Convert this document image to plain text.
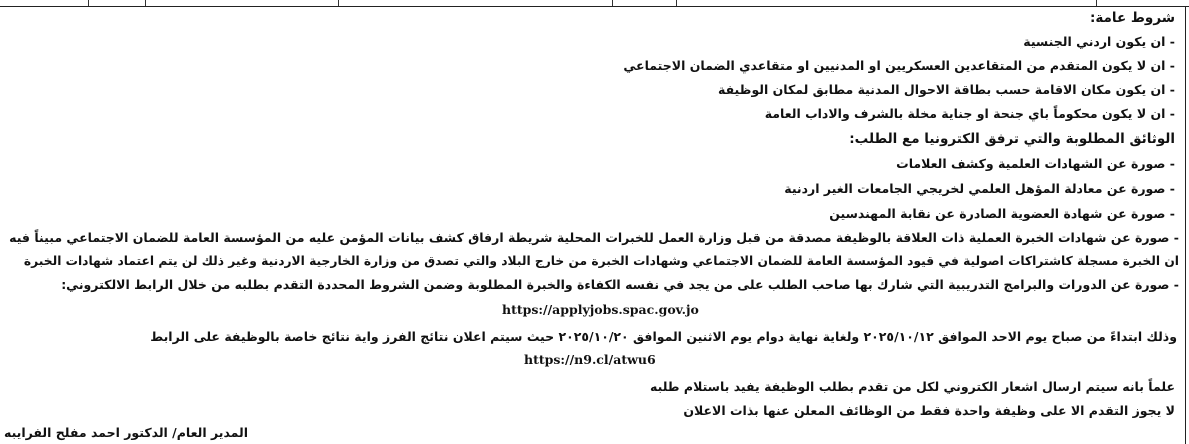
شروط عامة:
- ان يكون اردني الجنسية
- ان لا يكون المتقدم من المتقاعدين العسكريين او المدنيين او متقاعدي الضمان الاجتماعي
- ان يكون مكان الاقامة حسب بطاقة الاحوال المدنية مطابق لمكان الوظيفة
- ان لا يكون محكوماً باي جنحة او جناية مخلة بالشرف والاداب العامة
الوثائق المطلوبة والتي ترفق الكترونيا مع الطلب:
- صورة عن الشهادات العلمية وكشف العلامات
- صورة عن معادلة المؤهل العلمي لخريجي الجامعات الغير اردنية
- صورة عن شهادة العضوية الصادرة عن نقابة المهندسين
- صورة عن شهادات الخبرة العملية ذات العلاقة بالوظيفة مصدقة من قبل وزارة العمل للخبرات المحلية شريطة ارفاق كشف بيانات المؤمن عليه من المؤسسة العامة للضمان الاجتماعي مبيناً فيه
ان الخبرة مسجلة كاشتراكات اصولية في قيود المؤسسة العامة للضمان الاجتماعي وشهادات الخبرة من خارج البلاد والتي تصدق من وزارة الخارجية الاردنية وغير ذلك لن يتم اعتماد شهادات الخبرة
- صورة عن الدورات والبرامج التدريبية التي شارك بها صاحب الطلب على من يجد في نفسه الكفاءة والخبرة المطلوبة وضمن الشروط المحددة التقدم بطلبه من خلال الرابط الالكتروني:
https://applyjobs.spac.gov.jo
وذلك ابتداءً من صباح يوم الاحد الموافق ٢٠٢٥/١٠/١٢ ولغاية نهاية دوام يوم الاثنين الموافق ٢٠٢٥/١٠/٢٠ حيث سيتم اعلان نتائج الفرز واية نتائج خاصة بالوظيفة على الرابط
https://n9.cl/atwu6
علماً بانه سيتم ارسال اشعار الكتروني لكل من تقدم بطلب الوظيفة يفيد باستلام طلبه
لا يجوز التقدم الا على وظيفة واحدة فقط من الوظائف المعلن عنها بذات الاعلان
المدير العام/ الدكتور احمد مفلح الفرايبه
